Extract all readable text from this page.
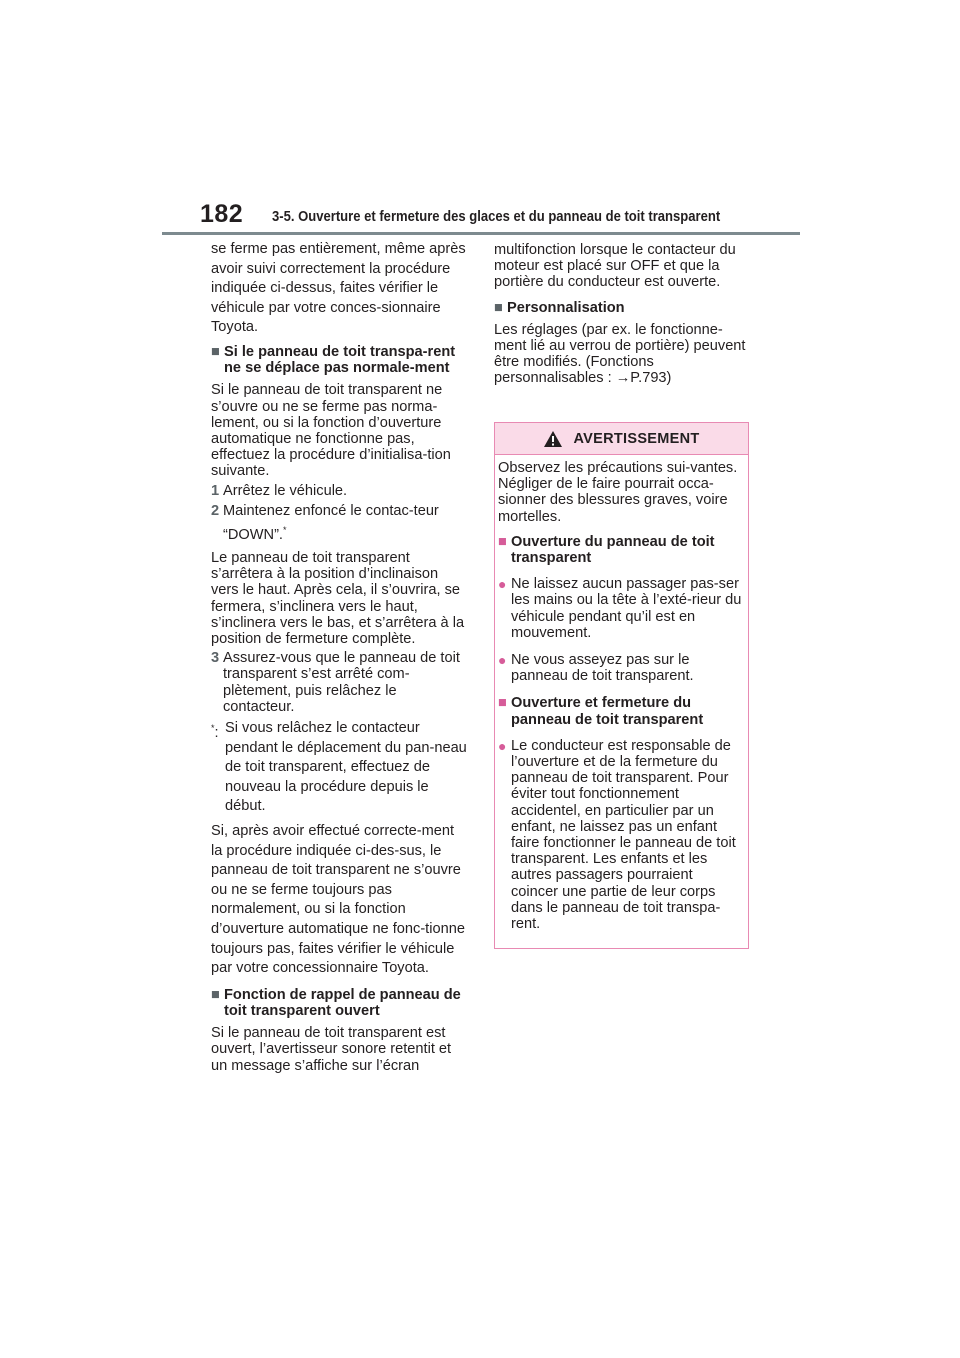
182 3-5. Ouverture et fermeture des glaces et du panneau de toit transparent

se ferme pas entièrement, même après avoir suivi correctement la procédure indiquée ci-dessus, faites vérifier le véhicule par votre conces-sionnaire Toyota.

■ Si le panneau de toit transpa-rent ne se déplace pas normale-ment

Si le panneau de toit transparent ne s’ouvre ou ne se ferme pas norma-lement, ou si la fonction d’ouverture automatique ne fonctionne pas, effectuez la procédure d’initialisa-tion suivante.

1 Arrêtez le véhicule.
2 Maintenez enfoncé le contac-teur “DOWN”.*

Le panneau de toit transparent s’arrêtera à la position d’inclinaison vers le haut. Après cela, il s’ouvrira, se fermera, s’inclinera vers le haut, s’inclinera vers le bas, et s’arrêtera à la position de fermeture complète.

3 Assurez-vous que le panneau de toit transparent s’est arrêté com-plètement, puis relâchez le contacteur.
*: Si vous relâchez le contacteur pendant le déplacement du pan-neau de toit transparent, effectuez de nouveau la procédure depuis le début.

Si, après avoir effectué correcte-ment la procédure indiquée ci-des-sus, le panneau de toit transparent ne s’ouvre ou ne se ferme toujours pas normalement, ou si la fonction d’ouverture automatique ne fonc-tionne toujours pas, faites vérifier le véhicule par votre concessionnaire Toyota.

■ Fonction de rappel de panneau de toit transparent ouvert

Si le panneau de toit transparent est ouvert, l’avertisseur sonore retentit et un message s’affiche sur l’écran

multifonction lorsque le contacteur du moteur est placé sur OFF et que la portière du conducteur est ouverte.

■ Personnalisation

Les réglages (par ex. le fonctionne-ment lié au verrou de portière) peuvent être modifiés. (Fonctions personnalisables : →P.793)

AVERTISSEMENT

Observez les précautions sui-vantes.
Négliger de le faire pourrait occa-sionner des blessures graves, voire mortelles.

■ Ouverture du panneau de toit transparent
● Ne laissez aucun passager pas-ser les mains ou la tête à l’exté-rieur du véhicule pendant qu’il est en mouvement.
● Ne vous asseyez pas sur le panneau de toit transparent.
■ Ouverture et fermeture du panneau de toit transparent
● Le conducteur est responsable de l’ouverture et de la fermeture du panneau de toit transparent. Pour éviter tout fonctionnement accidentel, en particulier par un enfant, ne laissez pas un enfant faire fonctionner le panneau de toit transparent. Les enfants et les autres passagers pourraient coincer une partie de leur corps dans le panneau de toit transpa-rent.
